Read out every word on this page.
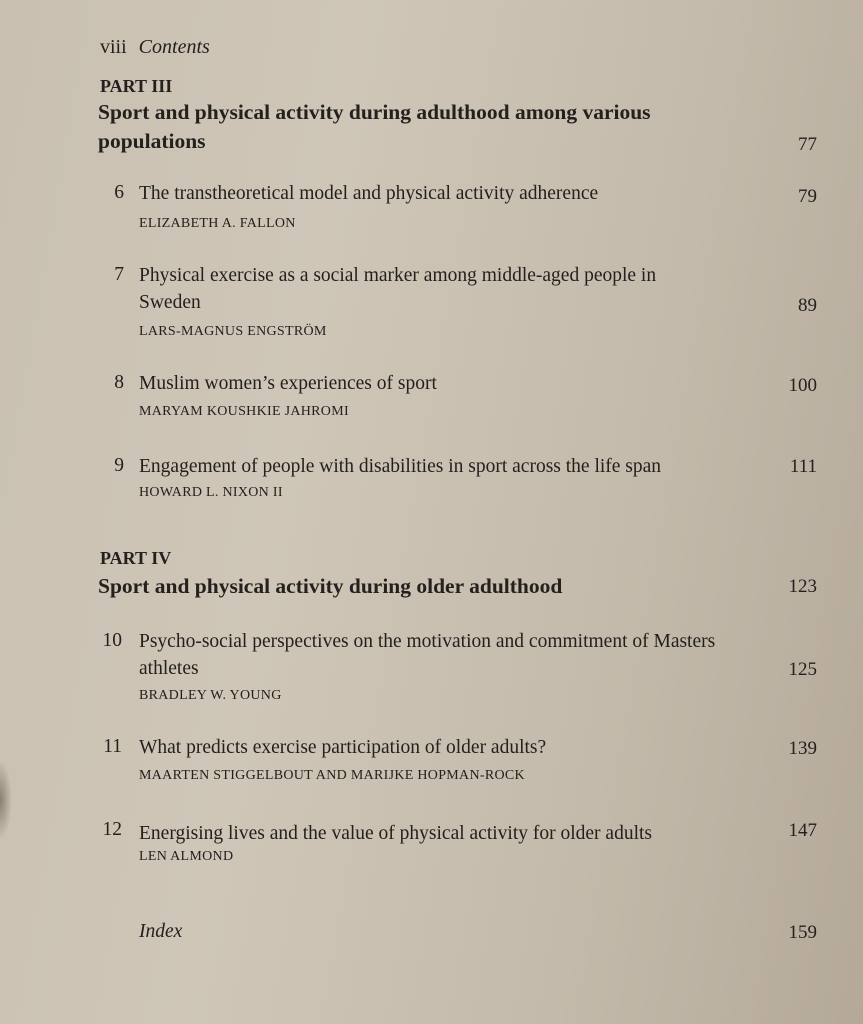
viii Contents
PART III
Sport and physical activity during adulthood among various populations	77
6 The transtheoretical model and physical activity adherence	79
ELIZABETH A. FALLON
7 Physical exercise as a social marker among middle-aged people in Sweden	89
LARS-MAGNUS ENGSTRÖM
8 Muslim women’s experiences of sport	100
MARYAM KOUSHKIE JAHROMI
9 Engagement of people with disabilities in sport across the life span	111
HOWARD L. NIXON II
PART IV
Sport and physical activity during older adulthood	123
10 Psycho-social perspectives on the motivation and commitment of Masters athletes	125
BRADLEY W. YOUNG
11 What predicts exercise participation of older adults?	139
MAARTEN STIGGELBOUT AND MARIJKE HOPMAN-ROCK
12 Energising lives and the value of physical activity for older adults	147
LEN ALMOND
Index	159
